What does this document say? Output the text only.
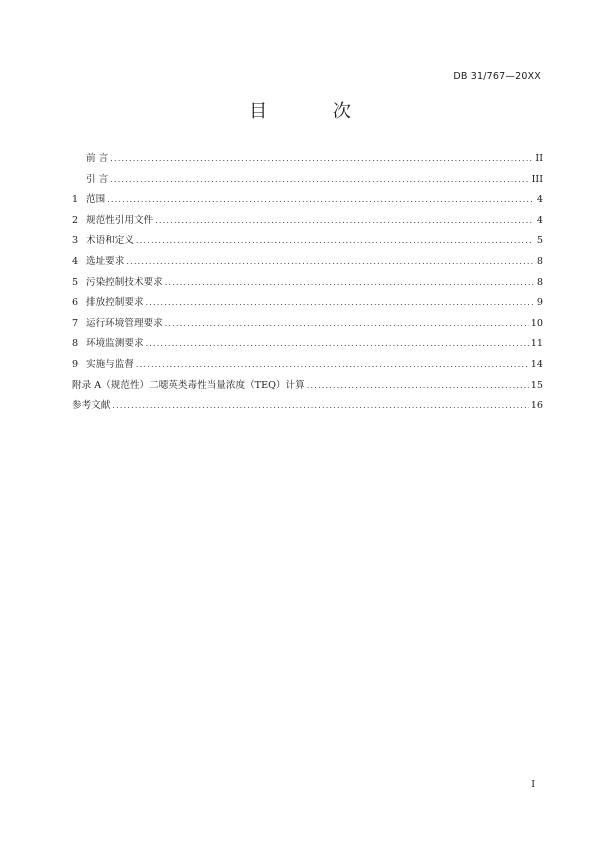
DB 31/767—20XX
目 次
前 言 .....	II
引 言 .....	III
1 范围 .....	4
2 规范性引用文件 .....	4
3 术语和定义 .....	5
4 选址要求 .....	8
5 污染控制技术要求 .....	8
6 排放控制要求 .....	9
7 运行环境管理要求 .....	10
8 环境监测要求 .....	11
9 实施与监督 .....	14
附录 A（规范性）二噁英类毒性当量浓度（TEQ）计算 .....	15
参考文献 .....	16
I
